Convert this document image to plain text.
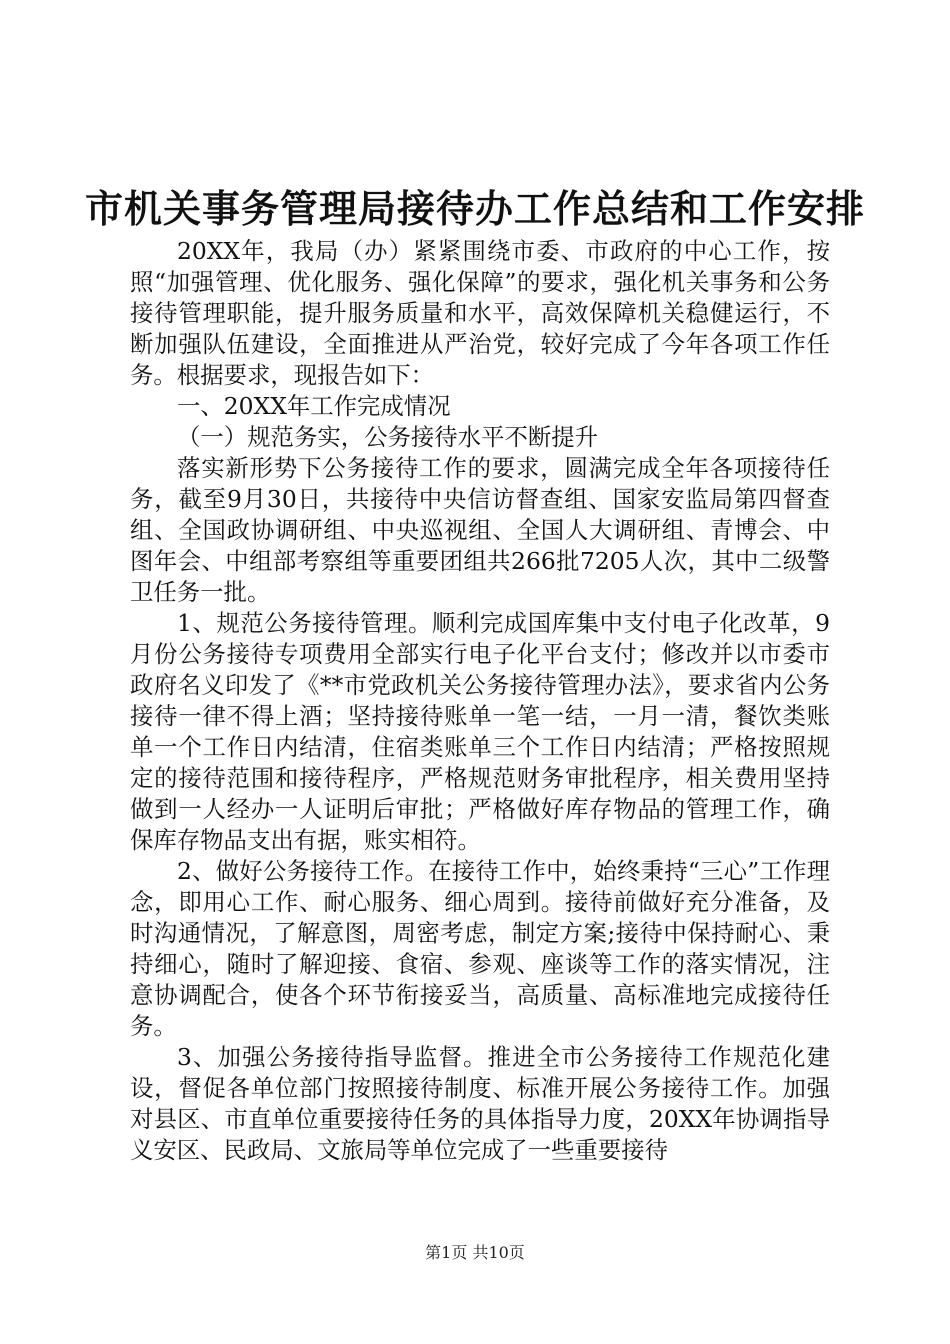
市机关事务管理局接待办工作总结和工作安排

20XX年，我局（办）紧紧围绕市委、市政府的中心工作，按照“加强管理、优化服务、强化保障”的要求，强化机关事务和公务接待管理职能，提升服务质量和水平，高效保障机关稳健运行，不断加强队伍建设，全面推进从严治党，较好完成了今年各项工作任务。根据要求，现报告如下：

一、20XX年工作完成情况

（一）规范务实，公务接待水平不断提升

落实新形势下公务接待工作的要求，圆满完成全年各项接待任务，截至9月30日，共接待中央信访督查组、国家安监局第四督查组、全国政协调研组、中央巡视组、全国人大调研组、青博会、中图年会、中组部考察组等重要团组共266批7205人次，其中二级警卫任务一批。

1、规范公务接待管理。顺利完成国库集中支付电子化改革，9月份公务接待专项费用全部实行电子化平台支付；修改并以市委市政府名义印发了《**市党政机关公务接待管理办法》，要求省内公务接待一律不得上酒；坚持接待账单一笔一结，一月一清，餐饮类账单一个工作日内结清，住宿类账单三个工作日内结清；严格按照规定的接待范围和接待程序，严格规范财务审批程序，相关费用坚持做到一人经办一人证明后审批；严格做好库存物品的管理工作，确保库存物品支出有据，账实相符。

2、做好公务接待工作。在接待工作中，始终秉持“三心”工作理念，即用心工作、耐心服务、细心周到。接待前做好充分准备，及时沟通情况，了解意图，周密考虑，制定方案;接待中保持耐心、秉持细心，随时了解迎接、食宿、参观、座谈等工作的落实情况，注意协调配合，使各个环节衔接妥当，高质量、高标准地完成接待任务。

3、加强公务接待指导监督。推进全市公务接待工作规范化建设，督促各单位部门按照接待制度、标准开展公务接待工作。加强对县区、市直单位重要接待任务的具体指导力度，20XX年协调指导义安区、民政局、文旅局等单位完成了一些重要接待

第1页 共10页
